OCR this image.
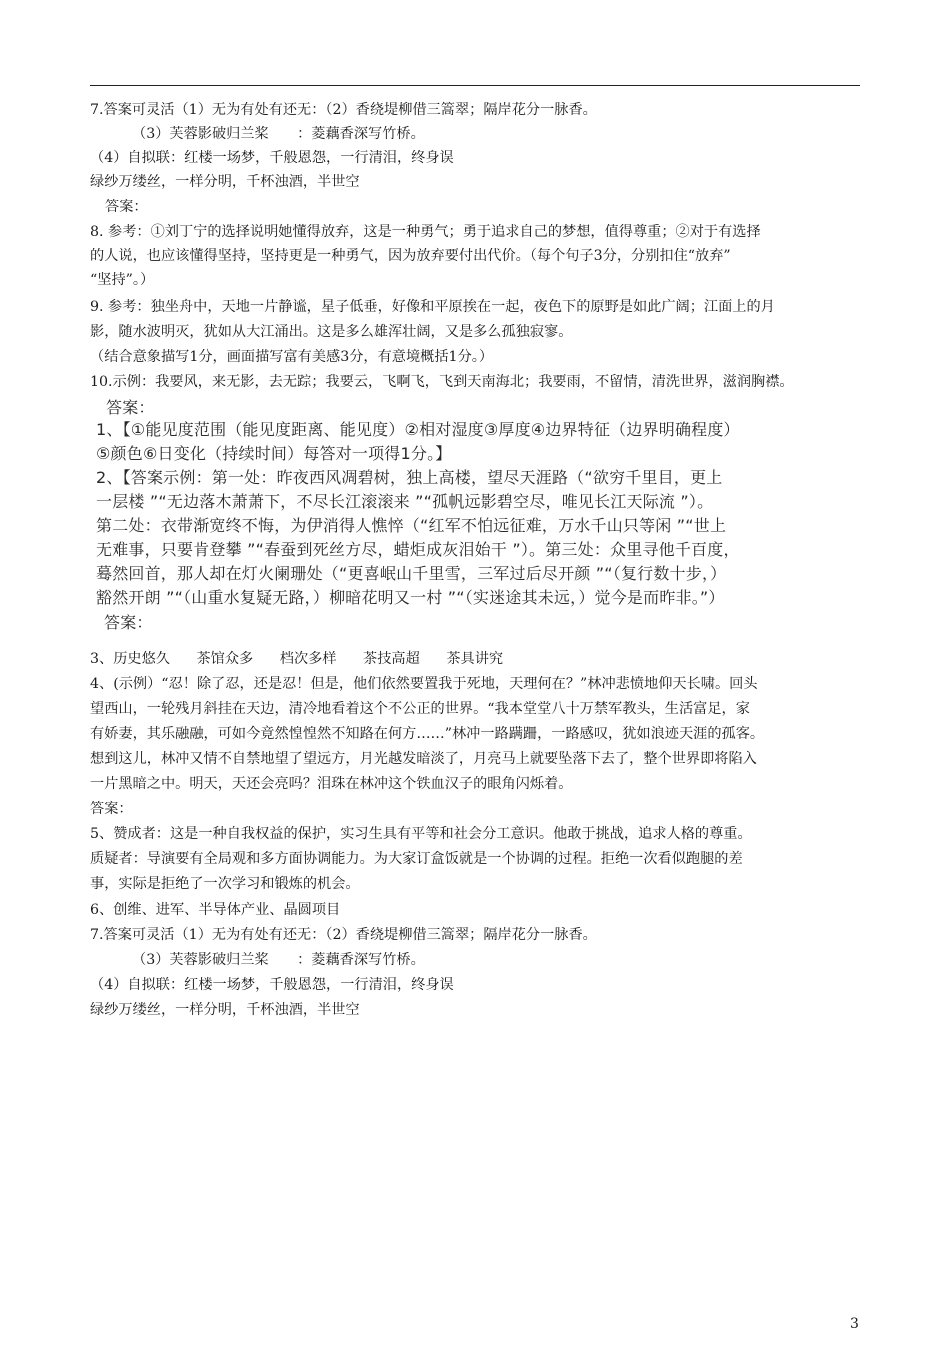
7.答案可灵活（1）无为有处有还无：（2）香绕堤柳借三篙翠；隔岸花分一脉香。
（3）芙蓉影破归兰桨　　：菱藕香深写竹桥。
（4）自拟联：红楼一场梦，千般恩怨，一行清泪，终身误
绿纱万缕丝，一样分明，千杯浊酒，半世空
答案：
8. 参考：①刘丁宁的选择说明她懂得放弃，这是一种勇气；勇于追求自己的梦想，值得尊重；②对于有选择
的人说，也应该懂得坚持，坚持更是一种勇气，因为放弃要付出代价。（每个句子3分，分别扣住“放弃”
“坚持”。）
9. 参考：独坐舟中，天地一片静谧，星子低垂，好像和平原挨在一起，夜色下的原野是如此广阔；江面上的月
影，随水波明灭，犹如从大江涌出。这是多么雄浑壮阔，又是多么孤独寂寥。
（结合意象描写1分，画面描写富有美感3分，有意境概括1分。）
10.示例：我要风，来无影，去无踪；我要云，飞啊飞，飞到天南海北；我要雨，不留情，清洗世界，滋润胸襟。
答案：
1、【①能见度范围（能见度距离、能见度）②相对湿度③厚度④边界特征（边界明确程度）
⑤颜色⑥日变化（持续时间）每答对一项得1分。】
2、【答案示例：第一处：昨夜西风凋碧树，独上高楼，望尽天涯路（“欲穷千里目，更上
一层楼 ”“无边落木萧萧下，不尽长江滚滚来 ”“孤帆远影碧空尽，唯见长江天际流 ”）。
第二处：衣带渐宽终不悔，为伊消得人憔悴（“红军不怕远征难，万水千山只等闲 ”“世上
无难事，只要肯登攀 ”“春蚕到死丝方尽，蜡炬成灰泪始干 ”）。第三处：众里寻他千百度，
蓦然回首，那人却在灯火阑珊处（“更喜岷山千里雪，三军过后尽开颜 ”“（复行数十步，）
豁然开朗 ”“（山重水复疑无路，）柳暗花明又一村 ”“（实迷途其未远，）觉今是而昨非。”）
答案：
3、历史悠久 茶馆众多 档次多样 茶技高超 茶具讲究
4、(示例）“忍！除了忍，还是忍！但是，他们依然要置我于死地，天理何在？”林冲悲愤地仰天长啸。回头
望西山，一轮残月斜挂在天边，清冷地看着这个不公正的世界。“我本堂堂八十万禁军教头，生活富足，家
有娇妻，其乐融融，可如今竟然惶惶然不知路在何方……”林冲一路蹒跚，一路感叹，犹如浪迹天涯的孤客。
想到这儿，林冲又情不自禁地望了望远方，月光越发暗淡了，月亮马上就要坠落下去了，整个世界即将陷入
一片黑暗之中。明天，天还会亮吗？泪珠在林冲这个铁血汉子的眼角闪烁着。
答案：
5、赞成者：这是一种自我权益的保护，实习生具有平等和社会分工意识。他敢于挑战，追求人格的尊重。
质疑者：导演要有全局观和多方面协调能力。为大家订盒饭就是一个协调的过程。拒绝一次看似跑腿的差
事，实际是拒绝了一次学习和锻炼的机会。
6、创维、进军、半导体产业、晶圆项目
7.答案可灵活（1）无为有处有还无：（2）香绕堤柳借三篙翠；隔岸花分一脉香。
（3）芙蓉影破归兰桨　　：菱藕香深写竹桥。
（4）自拟联：红楼一场梦，千般恩怨，一行清泪，终身误
绿纱万缕丝，一样分明，千杯浊酒，半世空
3
